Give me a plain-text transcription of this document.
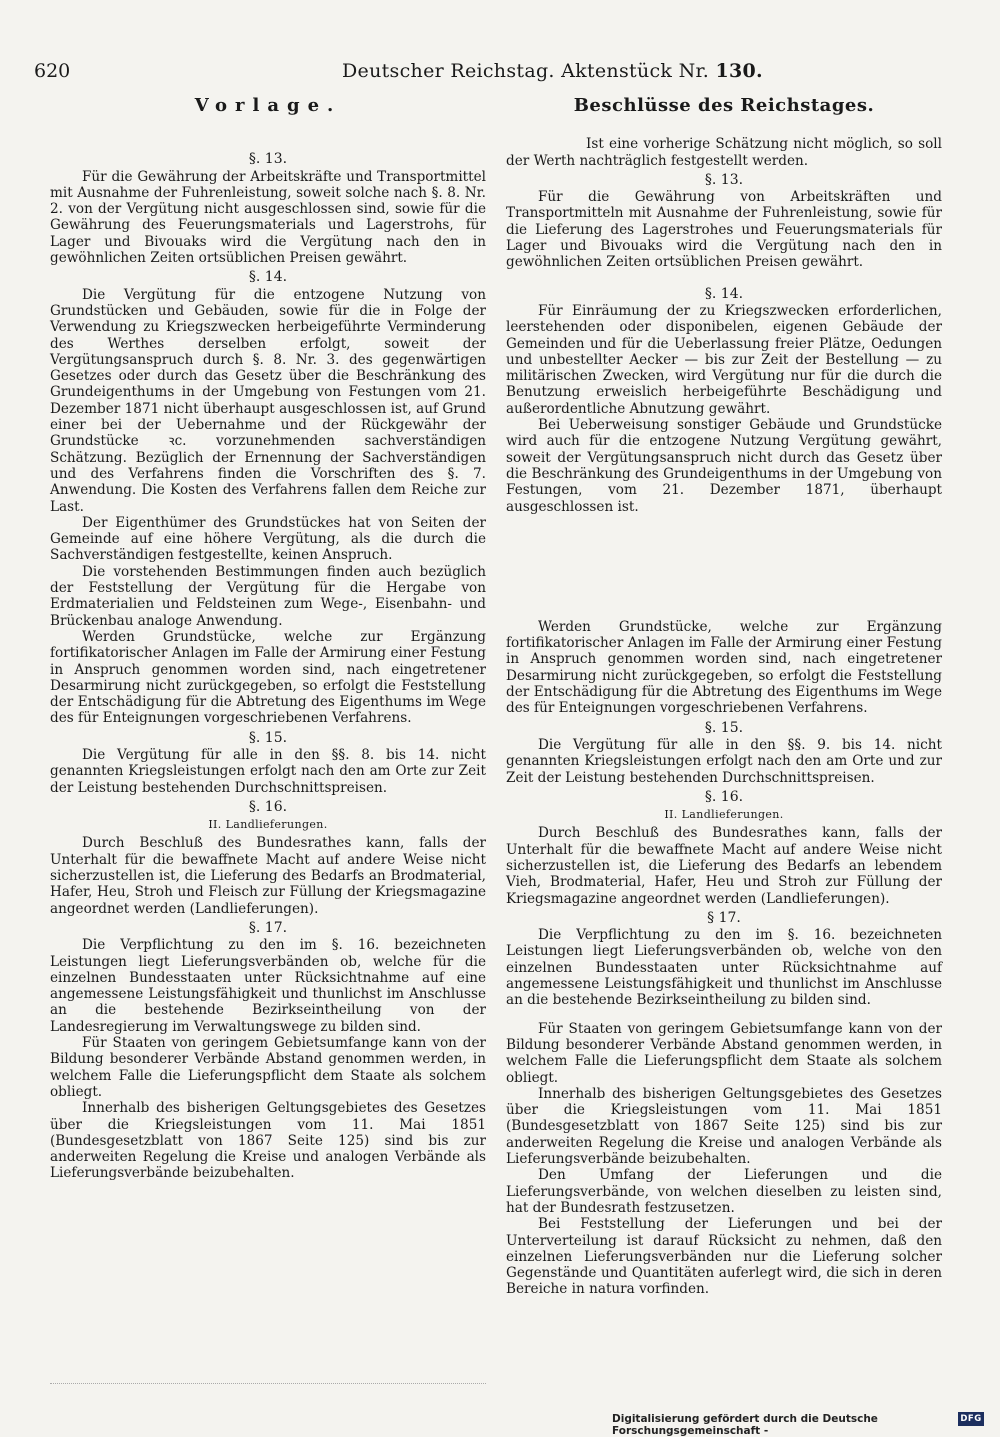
620	Deutscher Reichstag. Aktenstück Nr. 130.
Vorlage.
§. 13.

Für die Gewährung der Arbeitskräfte und Transportmittel mit Ausnahme der Fuhrenleistung, soweit solche nach §. 8. Nr. 2. von der Vergütung nicht ausgeschlossen sind, sowie für die Gewährung des Feuerungsmaterials und Lagerstrohs, für Lager und Bivouaks wird die Vergütung nach den in gewöhnlichen Zeiten ortsüblichen Preisen gewährt.

§. 14.

Die Vergütung für die entzogene Nutzung von Grundstücken und Gebäuden, sowie für die in Folge der Verwendung zu Kriegszwecken herbeigeführte Verminderung des Werthes derselben erfolgt, soweit der Vergütungsanspruch durch §. 8. Nr. 3. des gegenwärtigen Gesetzes oder durch das Gesetz über die Beschränkung des Grundeigenthums in der Umgebung von Festungen vom 21. Dezember 1871 nicht überhaupt ausgeschlossen ist, auf Grund einer bei der Uebernahme und der Rückgewähr der Grundstücke ꝛc. vorzunehmenden sachverständigen Schätzung. Bezüglich der Ernennung der Sachverständigen und des Verfahrens finden die Vorschriften des §. 7. Anwendung. Die Kosten des Verfahrens fallen dem Reiche zur Last.

Der Eigenthümer des Grundstückes hat von Seiten der Gemeinde auf eine höhere Vergütung, als die durch die Sachverständigen festgestellte, keinen Anspruch.

Die vorstehenden Bestimmungen finden auch bezüglich der Feststellung der Vergütung für die Hergabe von Erdmaterialien und Feldsteinen zum Wege-, Eisenbahn- und Brückenbau analoge Anwendung.

Werden Grundstücke, welche zur Ergänzung fortifikatorischer Anlagen im Falle der Armirung einer Festung in Anspruch genommen worden sind, nach eingetretener Desarmirung nicht zurückgegeben, so erfolgt die Feststellung der Entschädigung für die Abtretung des Eigenthums im Wege des für Enteignungen vorgeschriebenen Verfahrens.

§. 15.

Die Vergütung für alle in den §§. 8. bis 14. nicht genannten Kriegsleistungen erfolgt nach den am Orte zur Zeit der Leistung bestehenden Durchschnittspreisen.

§. 16.
II. Landlieferungen.

Durch Beschluß des Bundesrathes kann, falls der Unterhalt für die bewaffnete Macht auf andere Weise nicht sicherzustellen ist, die Lieferung des Bedarfs an Brodmaterial, Hafer, Heu, Stroh und Fleisch zur Füllung der Kriegsmagazine angeordnet werden (Landlieferungen).

§. 17.

Die Verpflichtung zu den im §. 16. bezeichneten Leistungen liegt Lieferungsverbänden ob, welche für die einzelnen Bundesstaaten unter Rücksichtnahme auf eine angemessene Leistungsfähigkeit und thunlichst im Anschlusse an die bestehende Bezirkseintheilung von der Landesregierung im Verwaltungswege zu bilden sind.

Für Staaten von geringem Gebietsumfange kann von der Bildung besonderer Verbände Abstand genommen werden, in welchem Falle die Lieferungspflicht dem Staate als solchem obliegt.

Innerhalb des bisherigen Geltungsgebietes des Gesetzes über die Kriegsleistungen vom 11. Mai 1851 (Bundesgesetzblatt von 1867 Seite 125) sind bis zur anderweiten Regelung die Kreise und analogen Verbände als Lieferungsverbände beizubehalten.

Beschlüsse des Reichstages.

Ist eine vorherige Schätzung nicht möglich, so soll der Werth nachträglich festgestellt werden.

§. 13.

Für die Gewährung von Arbeitskräften und Transportmitteln mit Ausnahme der Fuhrenleistung, sowie für die Lieferung des Lagerstrohes und Feuerungsmaterials für Lager und Bivouaks wird die Vergütung nach den in gewöhnlichen Zeiten ortsüblichen Preisen gewährt.

§. 14.

Für Einräumung der zu Kriegszwecken erforderlichen, leerstehenden oder disponibelen, eigenen Gebäude der Gemeinden und für die Ueberlassung freier Plätze, Oedungen und unbestellter Aecker — bis zur Zeit der Bestellung — zu militärischen Zwecken, wird Vergütung nur für die durch die Benutzung erweislich herbeigeführte Beschädigung und außerordentliche Abnutzung gewährt.

Bei Ueberweisung sonstiger Gebäude und Grundstücke wird auch für die entzogene Nutzung Vergütung gewährt, soweit der Vergütungsanspruch nicht durch das Gesetz über die Beschränkung des Grundeigenthums in der Umgebung von Festungen, vom 21. Dezember 1871, überhaupt ausgeschlossen ist.

Werden Grundstücke, welche zur Ergänzung fortifikatorischer Anlagen im Falle der Armirung einer Festung in Anspruch genommen worden sind, nach eingetretener Desarmirung nicht zurückgegeben, so erfolgt die Feststellung der Entschädigung für die Abtretung des Eigenthums im Wege des für Enteignungen vorgeschriebenen Verfahrens.

§. 15.

Die Vergütung für alle in den §§. 9. bis 14. nicht genannten Kriegsleistungen erfolgt nach den am Orte und zur Zeit der Leistung bestehenden Durchschnittspreisen.

§. 16.
II. Landlieferungen.

Durch Beschluß des Bundesrathes kann, falls der Unterhalt für die bewaffnete Macht auf andere Weise nicht sicherzustellen ist, die Lieferung des Bedarfs an lebendem Vieh, Brodmaterial, Hafer, Heu und Stroh zur Füllung der Kriegsmagazine angeordnet werden (Landlieferungen).

§ 17.

Die Verpflichtung zu den im §. 16. bezeichneten Leistungen liegt Lieferungsverbänden ob, welche von den einzelnen Bundesstaaten unter Rücksichtnahme auf angemessene Leistungsfähigkeit und thunlichst im Anschlusse an die bestehende Bezirkseintheilung zu bilden sind.

Für Staaten von geringem Gebietsumfange kann von der Bildung besonderer Verbände Abstand genommen werden, in welchem Falle die Lieferungspflicht dem Staate als solchem obliegt.

Innerhalb des bisherigen Geltungsgebietes des Gesetzes über die Kriegsleistungen vom 11. Mai 1851 (Bundesgesetzblatt von 1867 Seite 125) sind bis zur anderweiten Regelung die Kreise und analogen Verbände als Lieferungsverbände beizubehalten.

Den Umfang der Lieferungen und die Lieferungsverbände, von welchen dieselben zu leisten sind, hat der Bundesrath festzusetzen.

Bei Feststellung der Lieferungen und bei der Unterverteilung ist darauf Rücksicht zu nehmen, daß den einzelnen Lieferungsverbänden nur die Lieferung solcher Gegenstände und Quantitäten auferlegt wird, die sich in deren Bereiche in natura vorfinden.

Digitalisierung gefördert durch die Deutsche Forschungsgemeinschaft -
DFG
